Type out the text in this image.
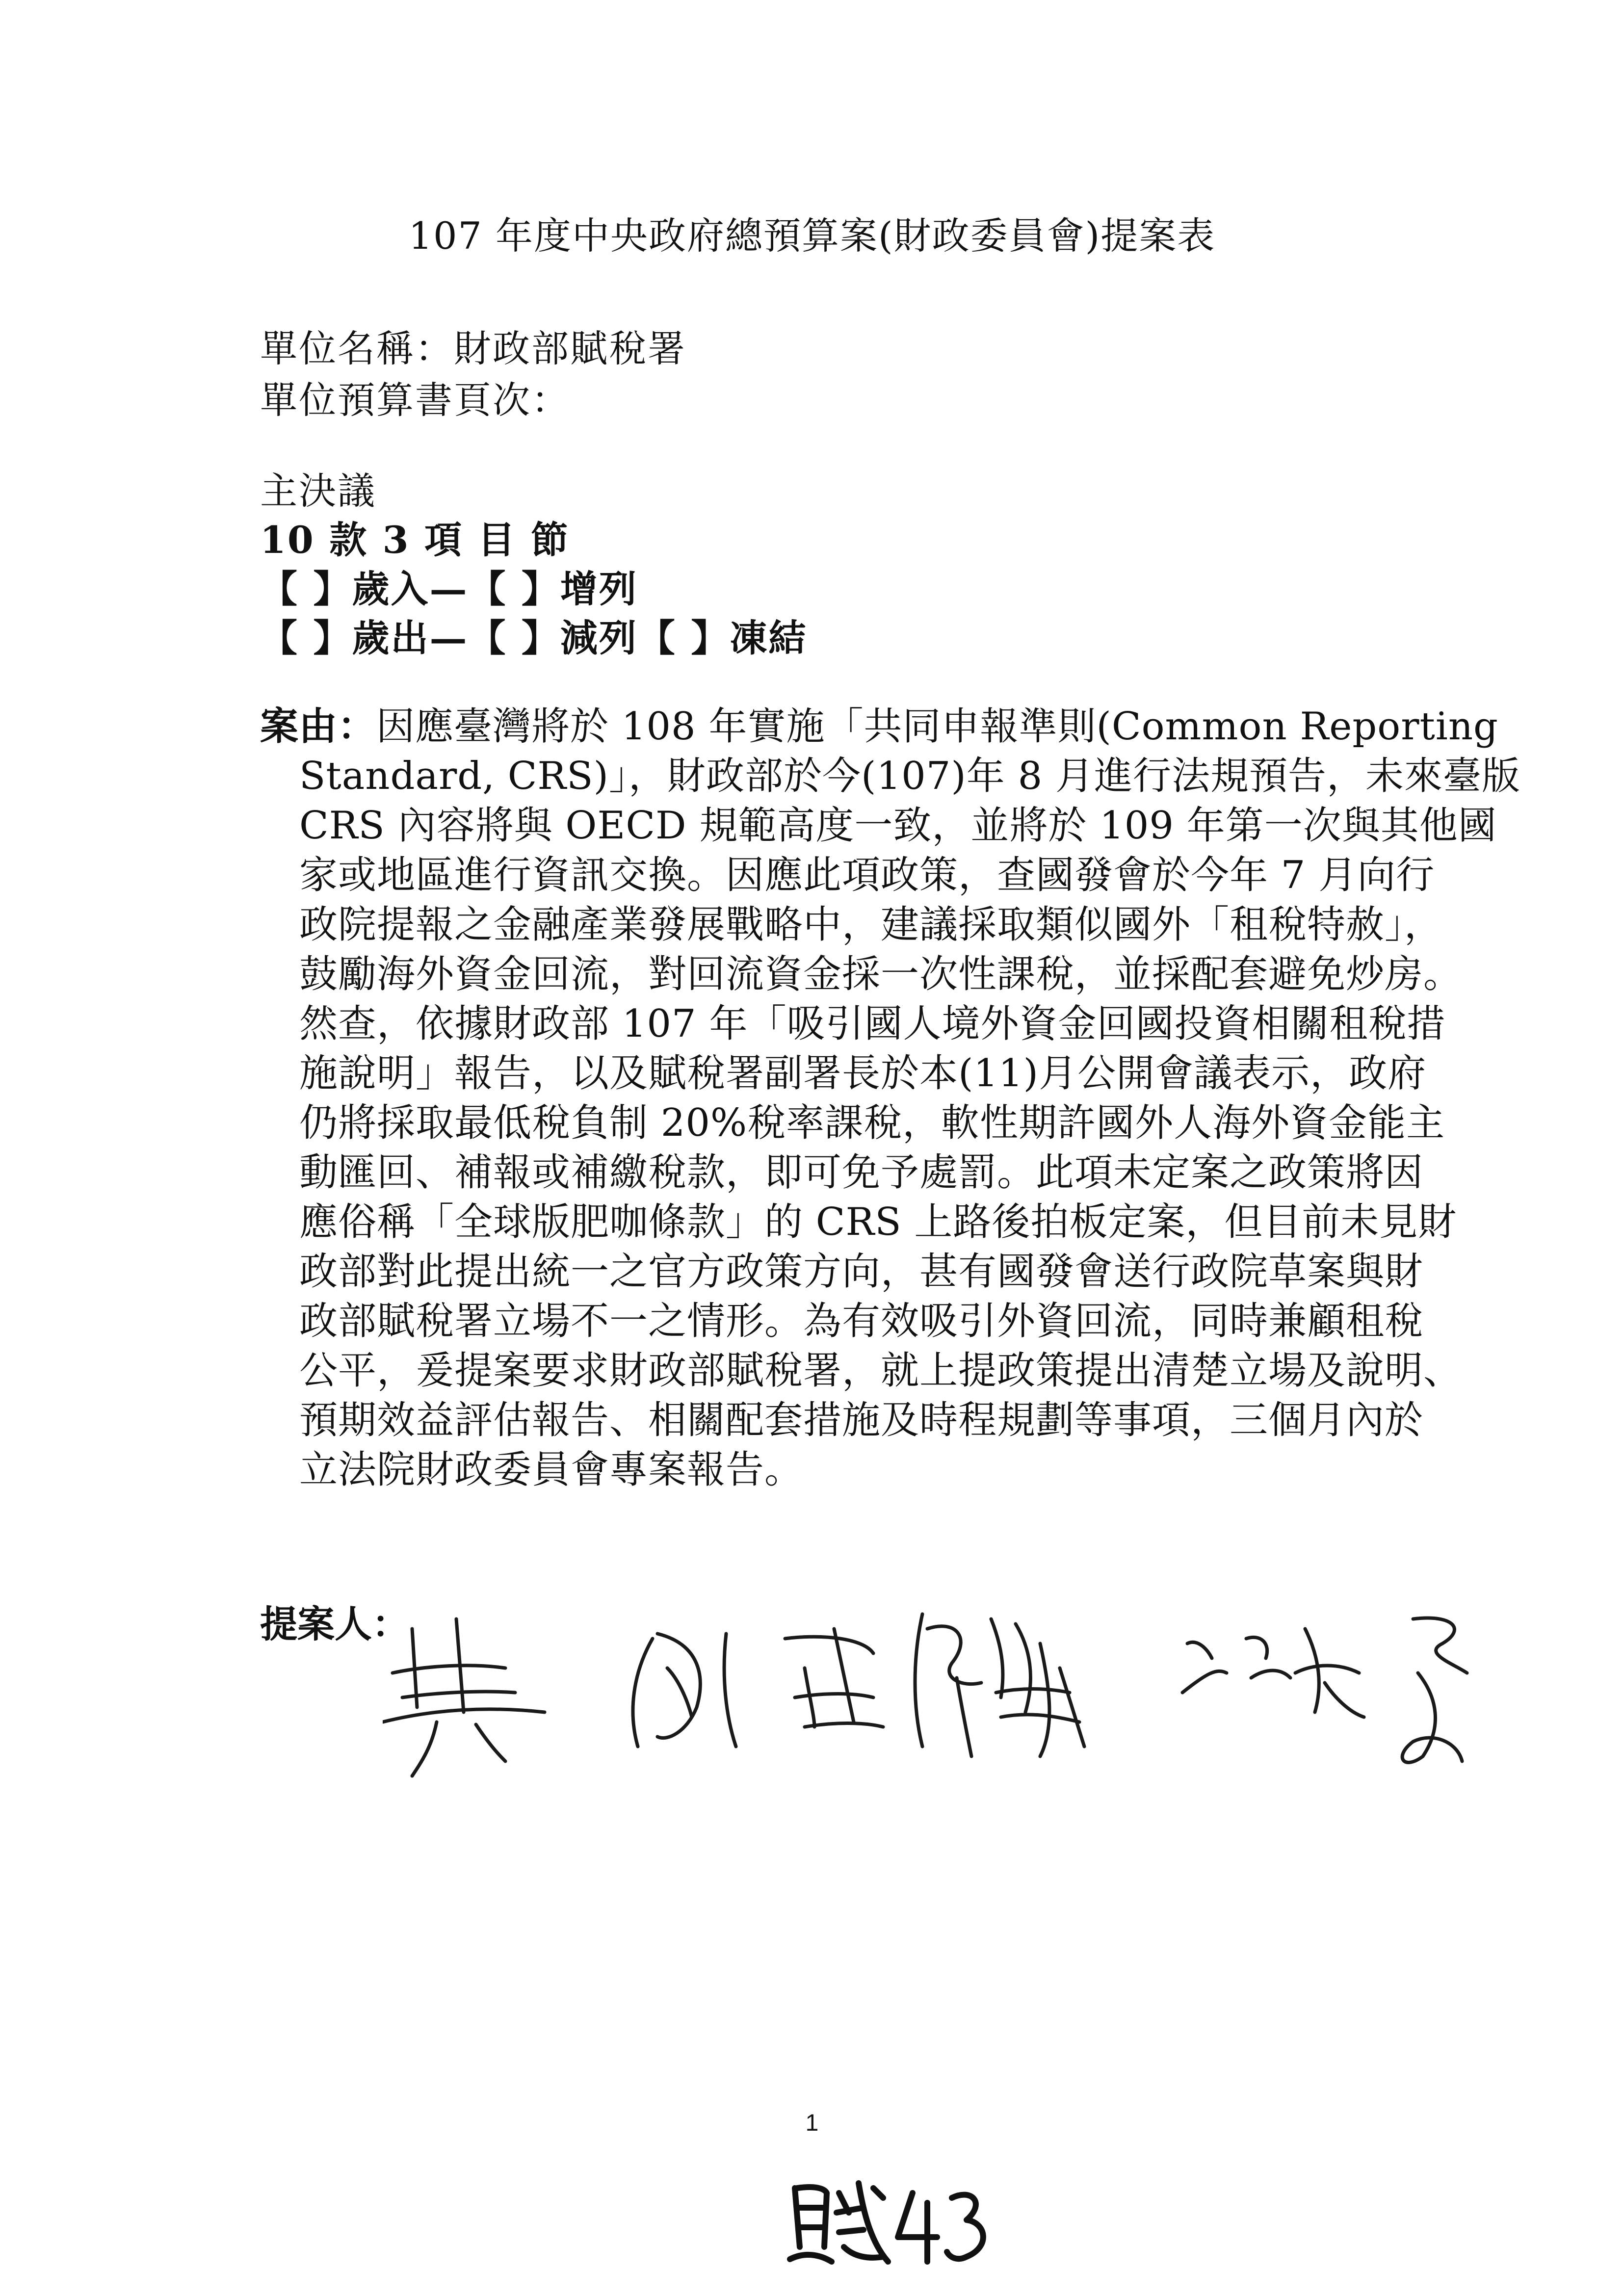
107 年度中央政府總預算案(財政委員會)提案表
單位名稱：財政部賦稅署
單位預算書頁次：
主決議
10 款 3 項 目 節
【 】歲入—【 】增列
【 】歲出—【 】減列【 】凍結
案由：因應臺灣將於 108 年實施「共同申報準則(Common Reporting
Standard, CRS)」，財政部於今(107)年 8 月進行法規預告，未來臺版
CRS 內容將與 OECD 規範高度一致，並將於 109 年第一次與其他國
家或地區進行資訊交換。因應此項政策，查國發會於今年 7 月向行
政院提報之金融產業發展戰略中，建議採取類似國外「租稅特赦」，
鼓勵海外資金回流，對回流資金採一次性課稅，並採配套避免炒房。
然查，依據財政部 107 年「吸引國人境外資金回國投資相關租稅措
施說明」報告，以及賦稅署副署長於本(11)月公開會議表示，政府
仍將採取最低稅負制 20%稅率課稅，軟性期許國外人海外資金能主
動匯回、補報或補繳稅款，即可免予處罰。此項未定案之政策將因
應俗稱「全球版肥咖條款」的 CRS 上路後拍板定案，但目前未見財
政部對此提出統一之官方政策方向，甚有國發會送行政院草案與財
政部賦稅署立場不一之情形。為有效吸引外資回流，同時兼顧租稅
公平，爰提案要求財政部賦稅署，就上提政策提出清楚立場及說明、
預期效益評估報告、相關配套措施及時程規劃等事項，三個月內於
立法院財政委員會專案報告。
提案人：
1
